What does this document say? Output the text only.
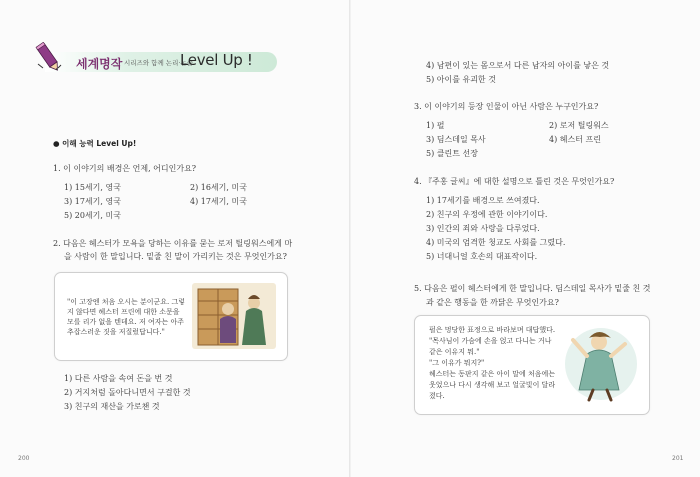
세계명작 시리즈와 함께 논리·논술
Level Up !
● 이해 능력 Level Up!
1. 이 이야기의 배경은 언제, 어디인가요?
1) 15세기, 영국	2) 16세기, 미국
3) 17세기, 영국	4) 17세기, 미국
5) 20세기, 미국
2. 다음은 헤스터가 모욕을 당하는 이유를 묻는 로저 틸링워스에게 마
을 사람이 한 말입니다. 밑줄 친 말이 가리키는 것은 무엇인가요?
"이 고장엔 처음 오시는 분이군요. 그렇
지 않다면 헤스터 프린에 대한 소문을
모를 리가 없을 텐데요. 저 여자는 아주
추잡스러운 짓을 저질렀답니다."
1) 다른 사람을 속여 돈을 번 것
2) 거지처럼 돌아다니면서 구걸한 것
3) 친구의 재산을 가로챈 것
200
4) 남편이 있는 몸으로서 다른 남자의 아이를 낳은 것
5) 아이를 유괴한 것
3. 이 이야기의 등장 인물이 아닌 사람은 누구인가요?
1) 펄	2) 로저 틸링워스
3) 딤스데일 목사	4) 헤스터 프린
5) 클린트 선장
4. 『주홍 글씨』에 대한 설명으로 틀린 것은 무엇인가요?
1) 17세기를 배경으로 쓰여졌다.
2) 친구의 우정에 관한 이야기이다.
3) 인간의 죄와 사랑을 다루었다.
4) 미국의 엄격한 청교도 사회를 그렸다.
5) 너대니얼 호손의 대표작이다.
5. 다음은 펄이 헤스터에게 한 말입니다. 딤스데일 목사가 밑줄 친 것
과 같은 행동을 한 까닭은 무엇인가요?
펄은 멍당한 표정으로 바라보며 대답했다.
"목사님이 가슴에 손을 얹고 다니는 거나
같은 이유지 뭐."
"그 이유가 뭐지?"
헤스터는 동판지 같은 아이 말에 처음에는
웃었으나 다시 생각해 보고 얼굴빛이 달라
졌다.
201
